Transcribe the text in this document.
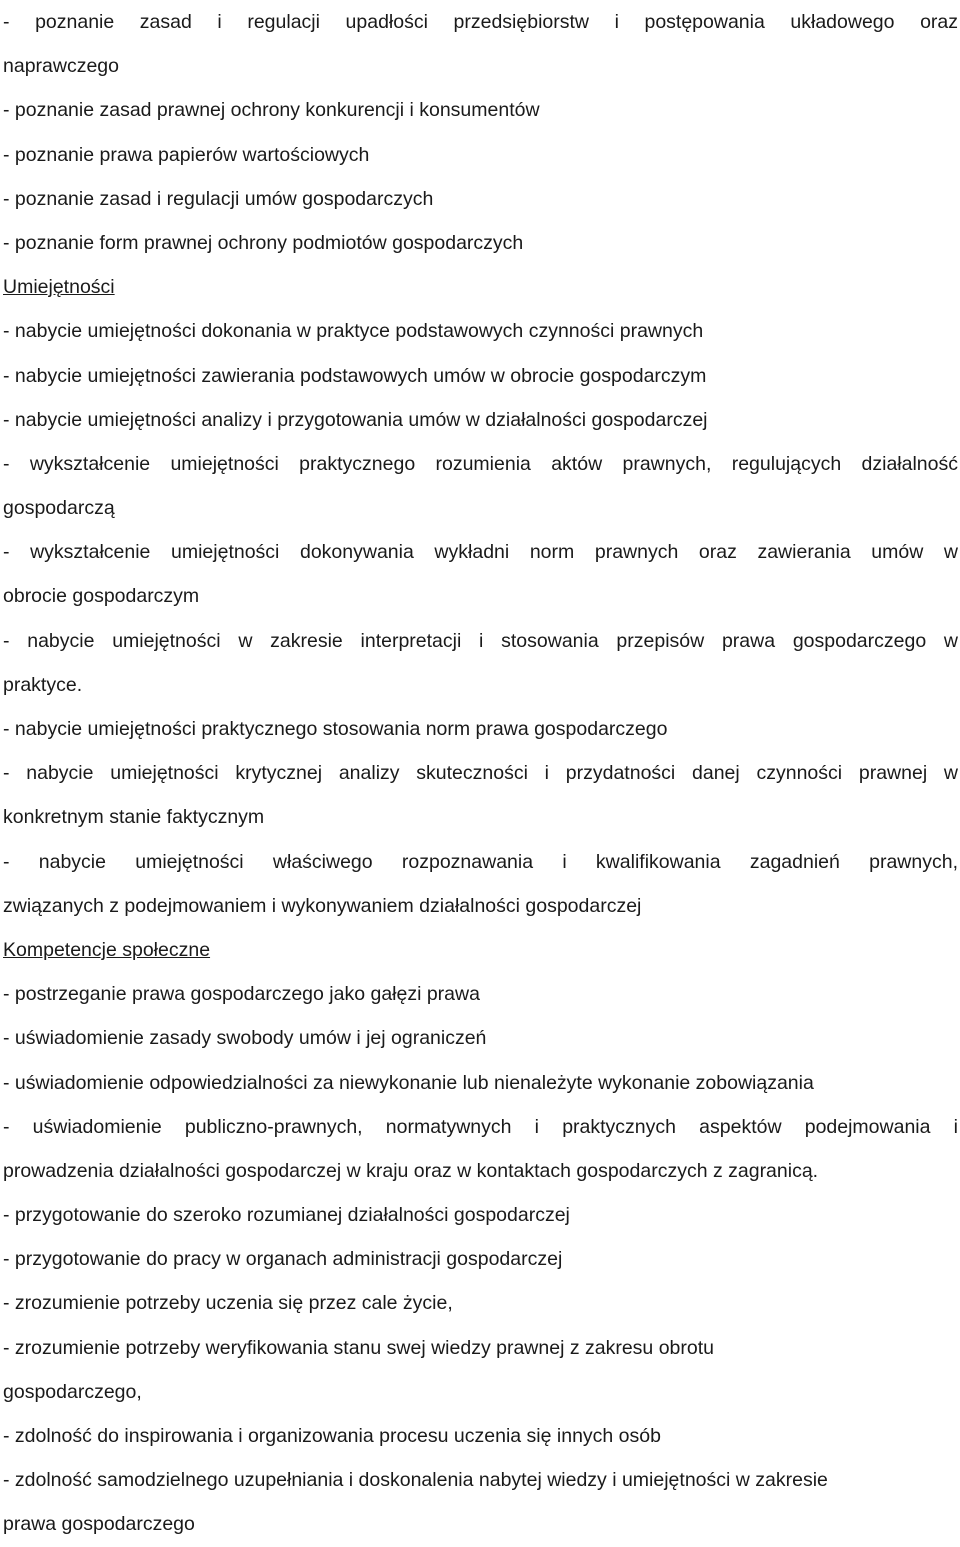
- poznanie zasad i regulacji upadłości przedsiębiorstw i postępowania układowego oraz
naprawczego
- poznanie zasad prawnej ochrony konkurencji i konsumentów
- poznanie prawa papierów wartościowych
- poznanie zasad i regulacji umów gospodarczych
- poznanie form prawnej ochrony podmiotów gospodarczych
Umiejętności
- nabycie umiejętności dokonania w praktyce podstawowych czynności prawnych
- nabycie umiejętności zawierania podstawowych umów w obrocie gospodarczym
- nabycie umiejętności analizy i przygotowania umów w działalności gospodarczej
- wykształcenie umiejętności praktycznego rozumienia aktów prawnych, regulujących działalność
gospodarczą
- wykształcenie umiejętności dokonywania wykładni norm prawnych oraz zawierania umów w
obrocie gospodarczym
- nabycie umiejętności w zakresie interpretacji i stosowania przepisów prawa gospodarczego w
praktyce.
- nabycie umiejętności praktycznego stosowania norm prawa gospodarczego
- nabycie umiejętności krytycznej analizy skuteczności i przydatności danej czynności prawnej w
konkretnym stanie faktycznym
- nabycie umiejętności właściwego rozpoznawania i kwalifikowania zagadnień prawnych,
związanych z podejmowaniem i wykonywaniem działalności gospodarczej
Kompetencje społeczne
- postrzeganie prawa gospodarczego jako gałęzi prawa
- uświadomienie zasady swobody umów i jej ograniczeń
- uświadomienie odpowiedzialności za niewykonanie lub nienależyte wykonanie zobowiązania
- uświadomienie publiczno-prawnych, normatywnych i praktycznych aspektów podejmowania i
prowadzenia działalności gospodarczej w kraju oraz w kontaktach gospodarczych z zagranicą.
- przygotowanie do szeroko rozumianej działalności gospodarczej
- przygotowanie do pracy w organach administracji gospodarczej
- zrozumienie potrzeby uczenia się przez cale życie,
- zrozumienie potrzeby weryfikowania stanu swej wiedzy prawnej z zakresu obrotu
gospodarczego,
- zdolność do inspirowania i organizowania procesu uczenia się innych osób
- zdolność samodzielnego uzupełniania i doskonalenia nabytej wiedzy i umiejętności w zakresie
prawa gospodarczego
